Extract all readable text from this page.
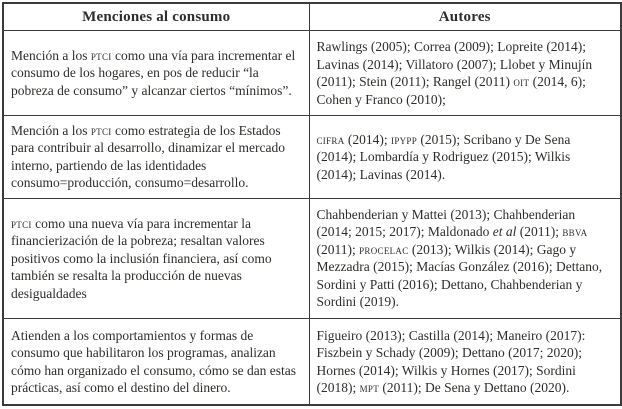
Menciones al consumo	Autores
Mención a los ptci como una vía para incrementar el consumo de los hogares, en pos de reducir “la pobreza de consumo” y alcanzar ciertos “mínimos”.	Rawlings (2005); Correa (2009); Lopreite (2014); Lavinas (2014); Villatoro (2007); Llobet y Minujín (2011); Stein (2011); Rangel (2011) oit (2014, 6); Cohen y Franco (2010);
Mención a los ptci como estrategia de los Estados para contribuir al desarrollo, dinamizar el mercado interno, partiendo de las identidades consumo=producción, consumo=desarrollo.	cifra (2014); ipypp (2015); Scribano y De Sena (2014); Lombardía y Rodriguez (2015); Wilkis (2014); Lavinas (2014).
ptci como una nueva vía para incrementar la financierización de la pobreza; resaltan valores positivos como la inclusión financiera, así como también se resalta la producción de nuevas desigualdades	Chahbenderian y Mattei (2013); Chahbenderian (2014; 2015; 2017); Maldonado et al (2011); bbva (2011); procelac (2013); Wilkis (2014); Gago y Mezzadra (2015); Macías González (2016); Dettano, Sordini y Patti (2016); Dettano, Chahbenderian y Sordini (2019).
Atienden a los comportamientos y formas de consumo que habilitaron los programas, analizan cómo han organizado el consumo, cómo se dan estas prácticas, así como el destino del dinero.	Figueiro (2013); Castilla (2014); Maneiro (2017): Fiszbein y Schady (2009); Dettano (2017; 2020); Hornes (2014); Wilkis y Hornes (2017); Sordini (2018); mpt (2011); De Sena y Dettano (2020).
